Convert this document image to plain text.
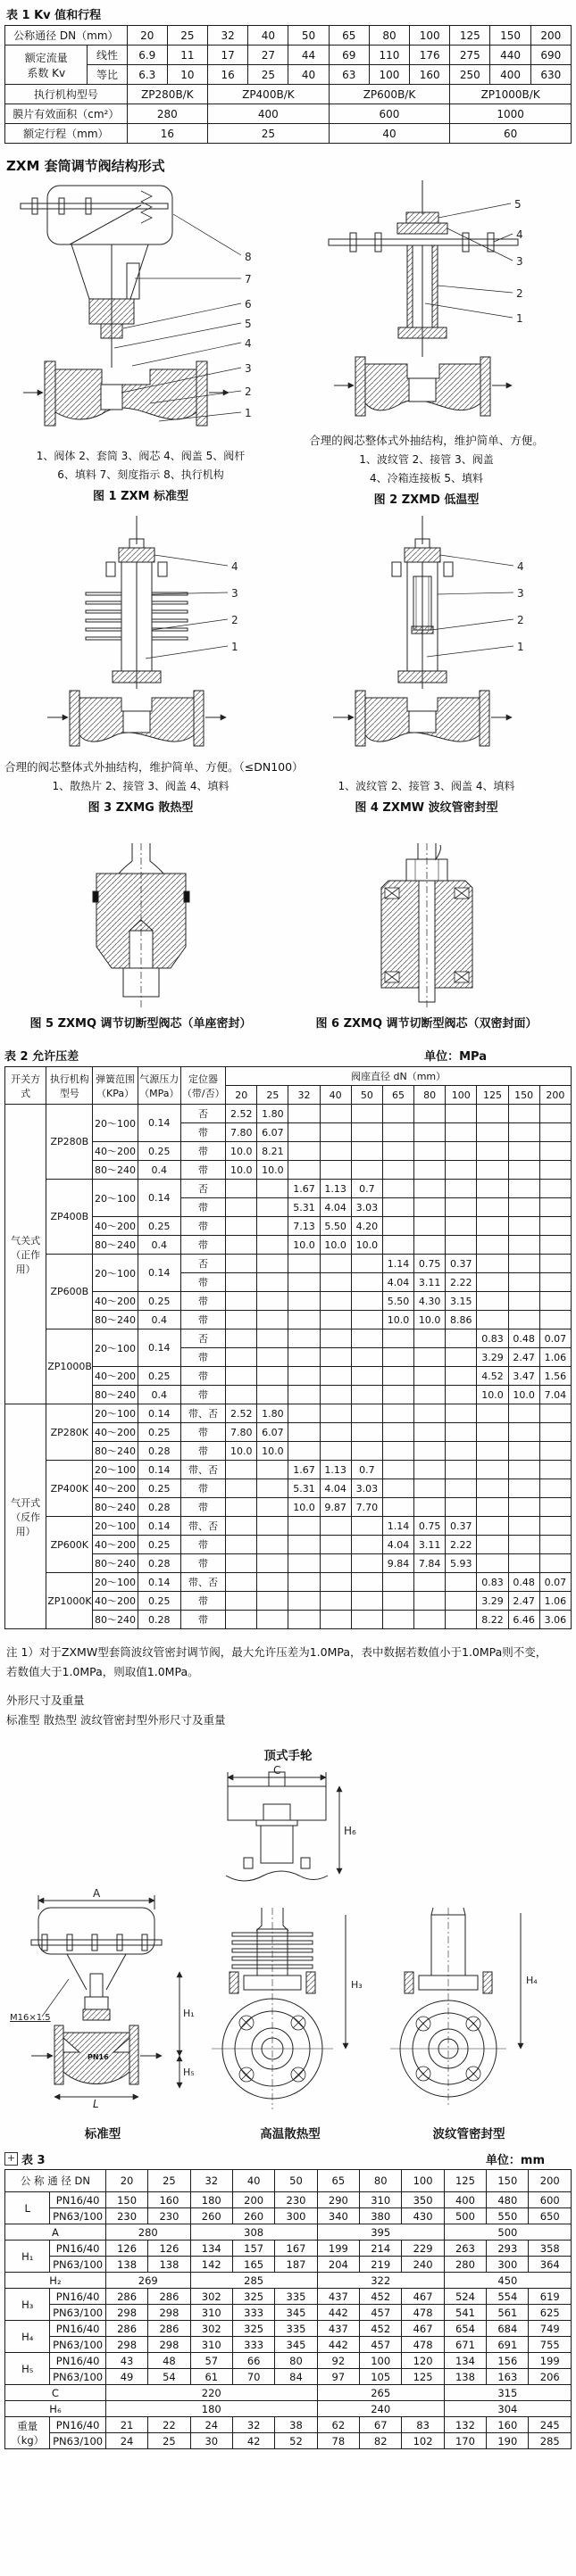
表 1 Kv 值和行程
公称通径 DN（mm）		20	25	32	40	50	65	80	100	125	150	200
额定流量
系数 Kv	线性	6.9	11	17	27	44	69	110	176	275	440	690
	等比	6.3	10	16	25	40	63	100	160	250	400	630
执行机构型号		ZP280B/K		ZP400B/K			ZP600B/K			ZP1000B/K		
膜片有效面积（cm²）		280		400			600			1000		
额定行程（mm）		16		25			40			60		
ZXM 套筒调节阀结构形式
8
7
6
5
4
3
2
1
1、阀体 2、套筒 3、阀芯 4、阀盖 5、阀杆
6、填料 7、刻度指示 8、执行机构
图 1 ZXM 标准型
5
4
3
2
1
合理的阀芯整体式外抽结构，维护简单、方便。
1、波纹管 2、接管 3、阀盖
4、冷箱连接板 5、填料
图 2 ZXMD 低温型
4
3
2
1
4
3
2
1
合理的阀芯整体式外抽结构，维护简单、方便。（≤DN100）
1、散热片 2、接管 3、阀盖 4、填料
图 3 ZXMG 散热型
1、波纹管 2、接管 3、阀盖 4、填料
图 4 ZXMW 波纹管密封型
图 5 ZXMQ 调节切断型阀芯（单座密封）	图 6 ZXMQ 调节切断型阀芯（双密封面）
表 2 允许压差	单位：MPa
开关方式	执行机构型号	弹簧范围（KPa）	气源压力（MPa）	定位器（带/否）	阀座直径 dN（mm）										
					20	25	32	40	50	65	80	100	125	150	200
气关式（正作用）	ZP280B	20～100	0.14	否	2.52	1.80									
				带	7.80	6.07									
		40～200	0.25	带	10.0	8.21									
		80～240	0.4	带	10.0	10.0									
	ZP400B	20～100	0.14	否			1.67	1.13	0.7						
				带			5.31	4.04	3.03						
		40～200	0.25	带			7.13	5.50	4.20						
		80～240	0.4	带			10.0	10.0	10.0						
	ZP600B	20～100	0.14	否						1.14	0.75	0.37			
				带						4.04	3.11	2.22			
		40～200	0.25	带						5.50	4.30	3.15			
		80～240	0.4	带						10.0	10.0	8.86			
	ZP1000B	20～100	0.14	否									0.83	0.48	0.07
				带									3.29	2.47	1.06
		40～200	0.25	带									4.52	3.47	1.56
		80～240	0.4	带									10.0	10.0	7.04
气开式（反作用）	ZP280K	20～100	0.14	带、否	2.52	1.80									
		40～200	0.25	带	7.80	6.07									
		80～240	0.28	带	10.0	10.0									
	ZP400K	20～100	0.14	带、否			1.67	1.13	0.7						
		40～200	0.25	带			5.31	4.04	3.03						
		80～240	0.28	带			10.0	9.87	7.70						
	ZP600K	20～100	0.14	带、否						1.14	0.75	0.37			
		40～200	0.25	带						4.04	3.11	2.22			
		80～240	0.28	带						9.84	7.84	5.93			
	ZP1000K	20～100	0.14	带、否									0.83	0.48	0.07
		40～200	0.25	带									3.29	2.47	1.06
		80～240	0.28	带									8.22	6.46	3.06
注 1）对于ZXMW型套筒波纹管密封调节阀，最大允许压差为1.0MPa，表中数据若数值小于1.0MPa则不变，
若数值大于1.0MPa，则取值1.0MPa。
外形尺寸及重量
标准型 散热型 波纹管密封型外形尺寸及重量
顶式手轮
C
H₆
A
M16×1.5
PN16
L
H₁
H₅
H₃	H₄
标准型	高温散热型	波纹管密封型
+ 表 3	单位：mm
公 称 通 径 DN		20	25	32	40	50	65	80	100	125	150	200
L	PN16/40	150	160	180	200	230	290	310	350	400	480	600
	PN63/100	230	230	260	260	300	340	380	430	500	550	650
A		280		308			395			500		
H₁	PN16/40	126	126	134	157	167	199	214	229	263	293	358
	PN63/100	138	138	142	165	187	204	219	240	280	300	364
H₂		269		285			322			450		
H₃	PN16/40	286	286	302	325	335	437	452	467	524	554	619
	PN63/100	298	298	310	333	345	442	457	478	541	561	625
H₄	PN16/40	286	286	302	325	335	437	452	467	654	684	749
	PN63/100	298	298	310	333	345	442	457	478	671	691	755
H₅	PN16/40	43	48	57	66	80	92	100	120	134	156	199
	PN63/100	49	54	61	70	84	97	105	125	138	163	206
C		220					265			315		
H₆		180					240			304		
重量（kg）	PN16/40	21	22	24	32	38	62	67	83	132	160	245
	PN63/100	24	25	30	42	52	78	82	102	170	190	285
